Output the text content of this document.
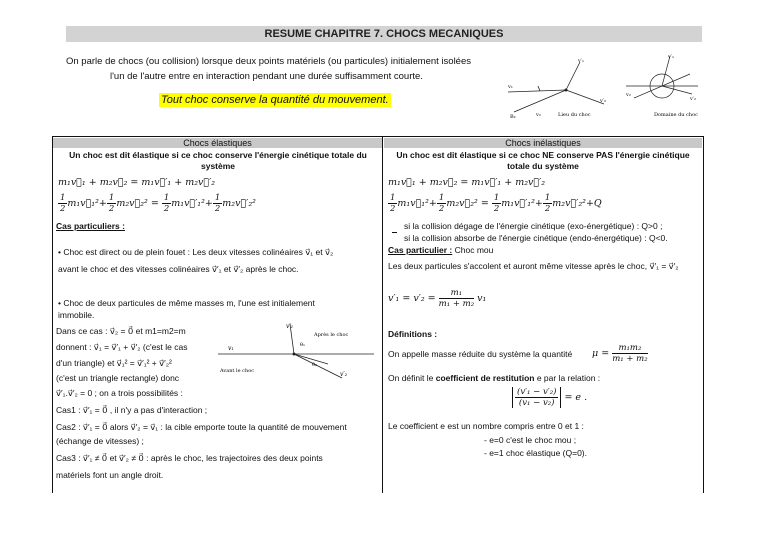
RESUME CHAPITRE 7. CHOCS MECANIQUES
On parle de chocs (ou collision) lorsque deux points matériels (ou particules) initialement isolées
l'un de l'autre entre en interaction pendant une durée suffisamment courte.
Tout choc conserve la quantité du mouvement.
v₁
B₂	v₂
v′₁
v′₂
Lieu du choc
v₂
v′₁
v′₂
Domaine du choc
Chocs élastiques
Un choc est dit élastique si ce choc conserve l'énergie cinétique totale du système
m₁v⃗₁ + m₂v⃗₂ = m₁v⃗′₁ + m₂v⃗′₂
$\frac{1}{2}$ m₁v⃗₁²+ $\frac{1}{2}$ m₂v⃗₂² = $\frac{1}{2}$ m₁v⃗′₁²+ $\frac{1}{2}$ m₂v⃗′₂²
Cas particuliers :
• Choc est direct ou de plein fouet : Les deux vitesses colinéaires v⃗₁ et v⃗₂
avant le choc et des vitesses colinéaires v⃗′₁ et v⃗′₂ après le choc.
• Choc de deux particules de même masses m, l'une est initialement
immobile.
Dans ce cas : v⃗₂ = 0⃗ et m1=m2=m
donnent : v⃗₁ = v⃗′₁ + v⃗′₂ (c'est le cas
d'un triangle) et v⃗₁² = v⃗′₁² + v⃗′₂²
(c'est un triangle rectangle) donc
v⃗′₁.v⃗′₂ = 0 ; on a trois possibilités :
Cas1 : v⃗′₁ = 0⃗ , il n'y a pas d'interaction ;
Cas2 : v⃗′₁ = 0⃗ alors v⃗′₂ = v⃗₁ : la cible emporte toute la quantité de mouvement
(échange de vitesses) ;
Cas3 : v⃗′₁ ≠ 0⃗ et v⃗′₂ ≠ 0⃗ : après le choc, les trajectoires des deux points
matériels font un angle droit.
v₁
v′₁
v′₂
θ₁
θ₂
Avant le choc
Après le choc
Chocs inélastiques
Un choc est dit élastique si ce choc NE conserve PAS l'énergie cinétique totale du système
m₁v⃗₁ + m₂v⃗₂ = m₁v⃗′₁ + m₂v⃗′₂
$\frac{1}{2}$ m₁v⃗₁²+ $\frac{1}{2}$ m₂v⃗₂² = $\frac{1}{2}$ m₁v⃗′₁²+ $\frac{1}{2}$ m₂v⃗′₂²+Q
si la collision dégage de l'énergie cinétique (exo-énergétique) : Q>0 ;
si la collision absorbe de l'énergie cinétique (endo-énergétique) : Q<0.
Cas particulier : Choc mou
Les deux particules s'accolent et auront même vitesse après le choc, v⃗′₁ = v⃗′₂
$v'_1 = v'_2 = \frac{\text{m₁}}{\text{m₁ + m₂}} v_1$
Définitions :
On appelle masse réduite du système la quantité $\mu = \frac{\text{m₁m₂}}{\text{m₁ + m₂}}$
On définit le coefficient de restitution e par la relation :
$\frac{\text{(v′₁ − v′₂)}}{\text{(v₁ − v₂)}} = e$ .
Le coefficient e est un nombre compris entre 0 et 1 :
- e=0 c'est le choc mou ;
- e=1 choc élastique (Q=0).
